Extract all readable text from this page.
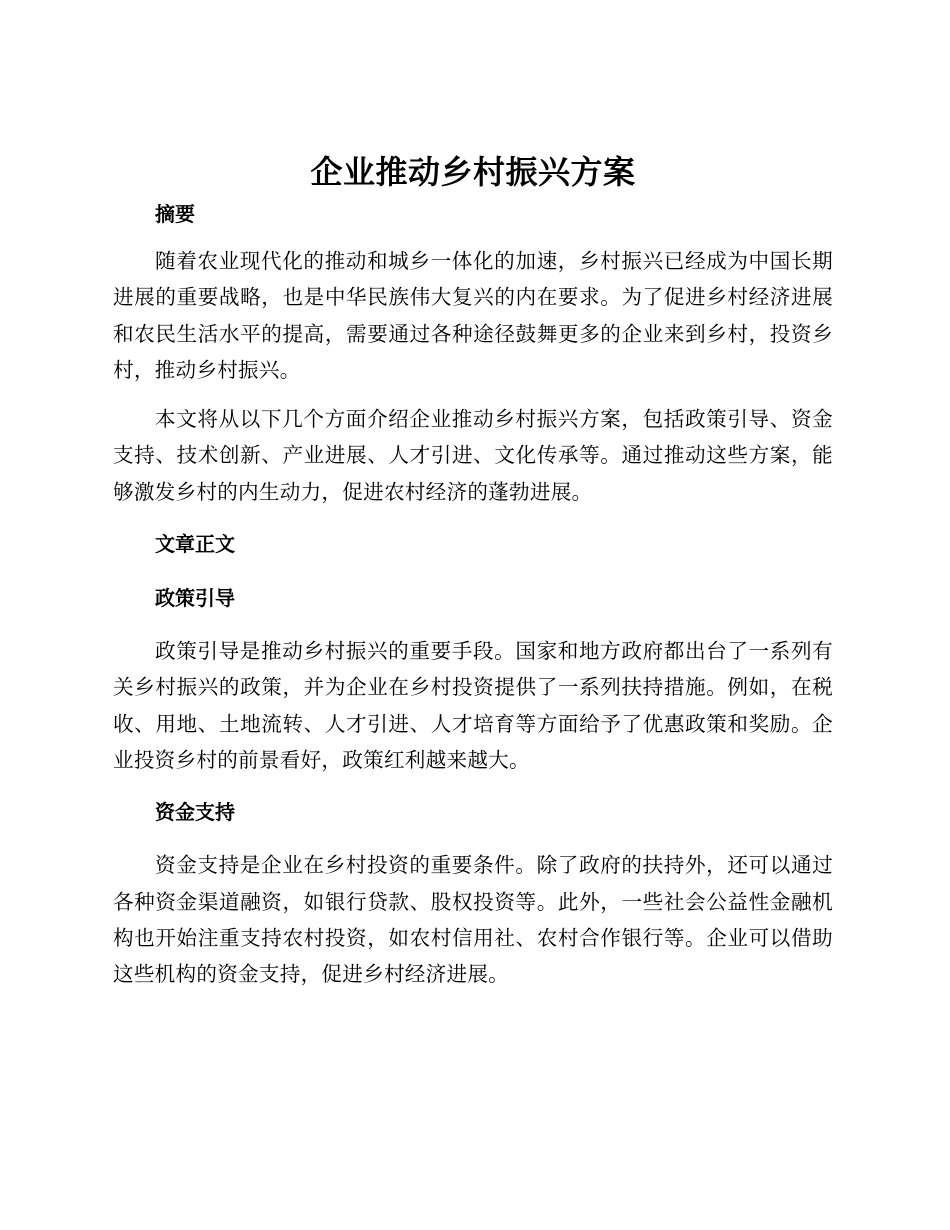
企业推动乡村振兴方案
摘要

随着农业现代化的推动和城乡一体化的加速，乡村振兴已经成为中国长期进展的重要战略，也是中华民族伟大复兴的内在要求。为了促进乡村经济进展和农民生活水平的提高，需要通过各种途径鼓舞更多的企业来到乡村，投资乡村，推动乡村振兴。

本文将从以下几个方面介绍企业推动乡村振兴方案，包括政策引导、资金支持、技术创新、产业进展、人才引进、文化传承等。通过推动这些方案，能够激发乡村的内生动力，促进农村经济的蓬勃进展。

文章正文
政策引导

政策引导是推动乡村振兴的重要手段。国家和地方政府都出台了一系列有关乡村振兴的政策，并为企业在乡村投资提供了一系列扶持措施。例如，在税收、用地、土地流转、人才引进、人才培育等方面给予了优惠政策和奖励。企业投资乡村的前景看好，政策红利越来越大。

资金支持

资金支持是企业在乡村投资的重要条件。除了政府的扶持外，还可以通过各种资金渠道融资，如银行贷款、股权投资等。此外，一些社会公益性金融机构也开始注重支持农村投资，如农村信用社、农村合作银行等。企业可以借助这些机构的资金支持，促进乡村经济进展。
